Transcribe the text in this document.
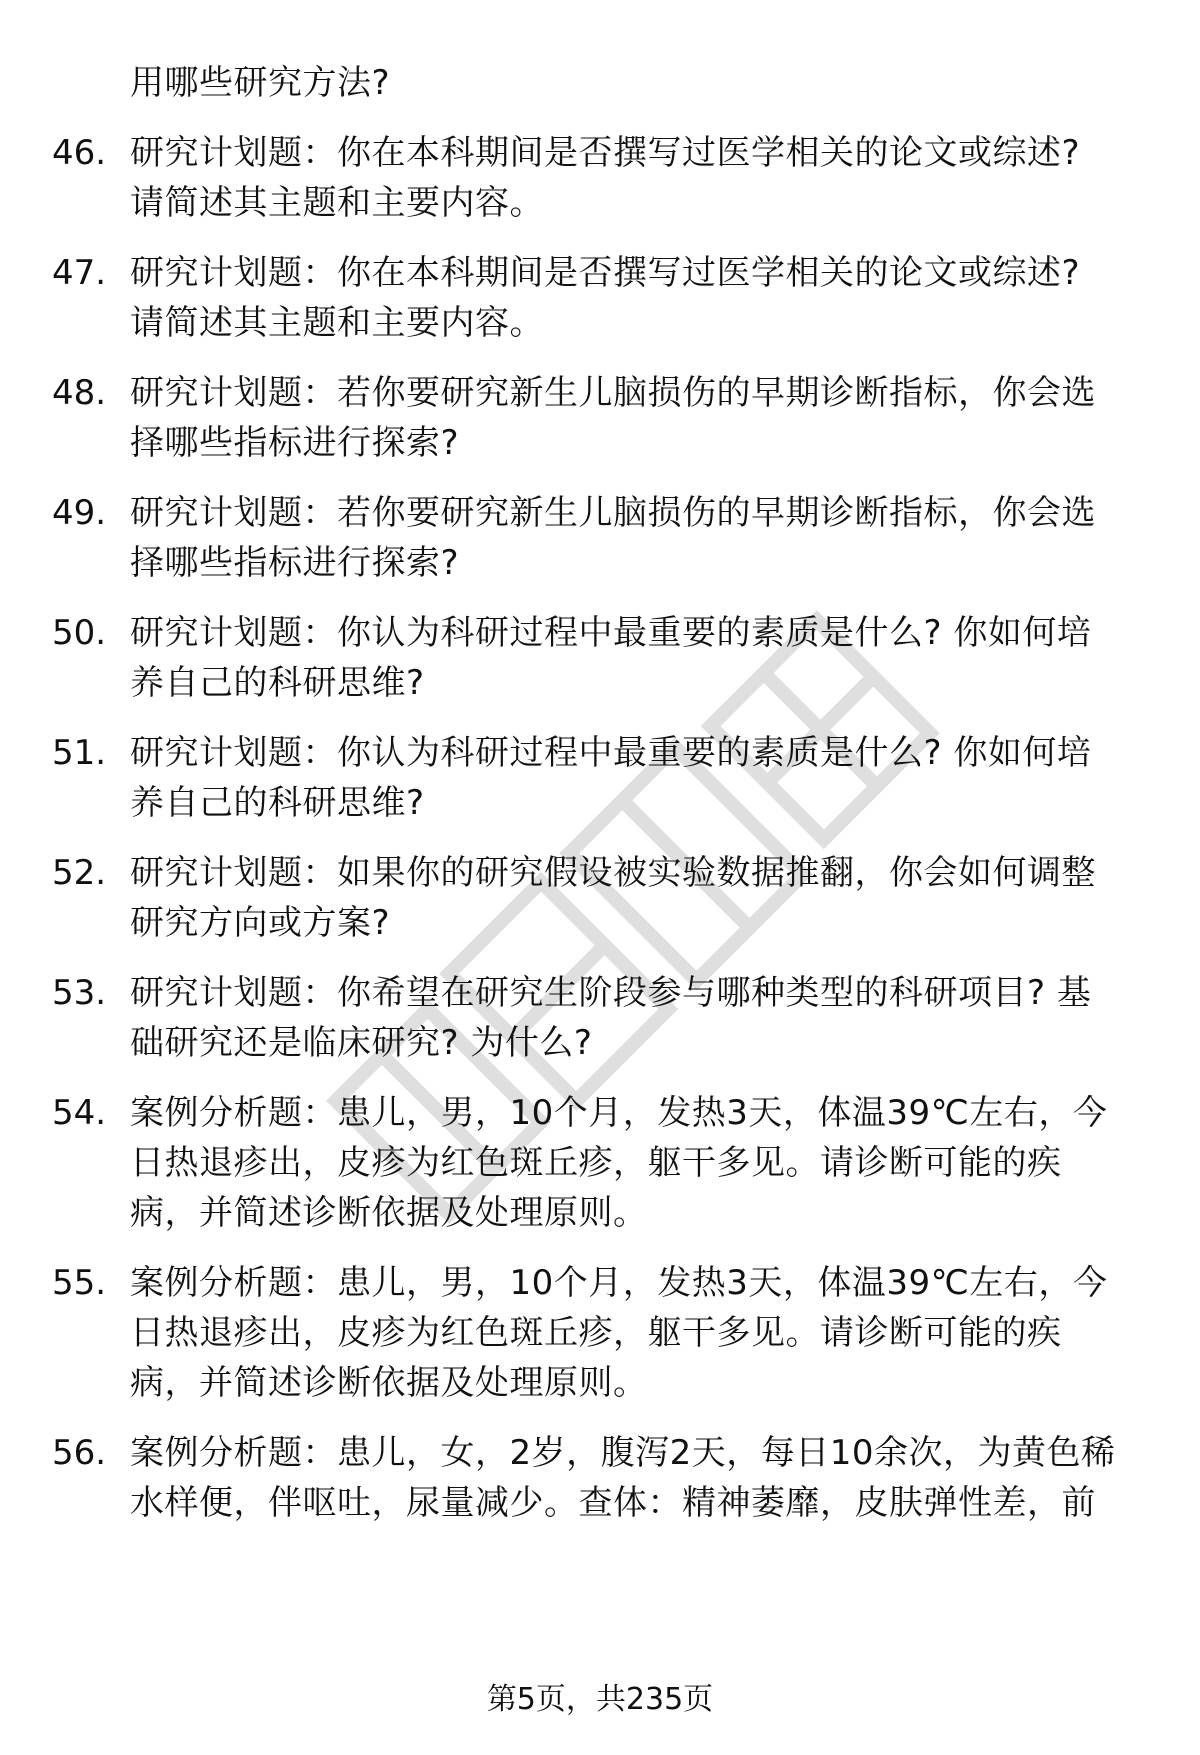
用哪些研究方法?
46. 研究计划题：你在本科期间是否撰写过医学相关的论文或综述?
请简述其主题和主要内容。
47. 研究计划题：你在本科期间是否撰写过医学相关的论文或综述?
请简述其主题和主要内容。
48. 研究计划题：若你要研究新生儿脑损伤的早期诊断指标，你会选
择哪些指标进行探索?
49. 研究计划题：若你要研究新生儿脑损伤的早期诊断指标，你会选
择哪些指标进行探索?
50. 研究计划题：你认为科研过程中最重要的素质是什么? 你如何培
养自己的科研思维?
51. 研究计划题：你认为科研过程中最重要的素质是什么? 你如何培
养自己的科研思维?
52. 研究计划题：如果你的研究假设被实验数据推翻，你会如何调整
研究方向或方案?
53. 研究计划题：你希望在研究生阶段参与哪种类型的科研项目? 基
础研究还是临床研究? 为什么?
54. 案例分析题：患儿，男，10个月，发热3天，体温39℃左右，今
日热退疹出，皮疹为红色斑丘疹，躯干多见。请诊断可能的疾
病，并简述诊断依据及处理原则。
55. 案例分析题：患儿，男，10个月，发热3天，体温39℃左右，今
日热退疹出，皮疹为红色斑丘疹，躯干多见。请诊断可能的疾
病，并简述诊断依据及处理原则。
56. 案例分析题：患儿，女，2岁，腹泻2天，每日10余次，为黄色稀
水样便，伴呕吐，尿量减少。查体：精神萎靡，皮肤弹性差，前
第5页，共235页
